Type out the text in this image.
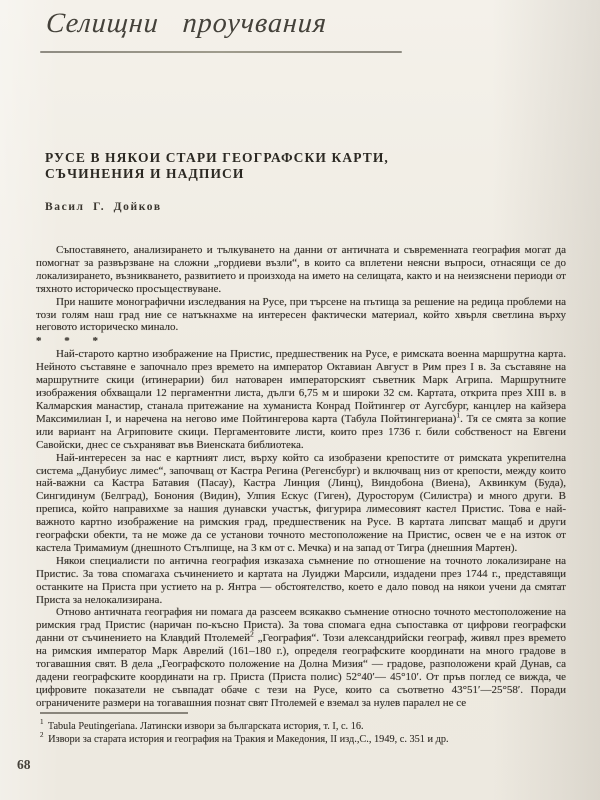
Селищни проучвания
РУСЕ В НЯКОИ СТАРИ ГЕОГРАФСКИ КАРТИ,
СЪЧИНЕНИЯ И НАДПИСИ
Васил Г. Дойков

Съпоставянето, анализирането и тълкуването на данни от античната и съвременната география могат да помогнат за развързване на сложни „гордиеви възли“, в които са вплетени неясни въпроси, отнасящи се до локализирането, възникването, развитието и произхода на името на селищата, както и на неизяснени периоди от тяхното историческо просъществуване.

При нашите монографични изследвания на Русе, при търсене на пътища за решение на редица проблеми на този голям наш град ние се натъкнахме на интересен фактически материал, който хвърля светлина върху неговото историческо минало.

* * *

Най-старото картно изображение на Пристис, предшественик на Русе, е римската военна маршрутна карта. Нейното съставяне е започнало през времето на император Октавиан Август в Рим през I в. За съставяне на маршрутните скици (итинерарии) бил натоварен императорският съветник Марк Агрипа. Маршрутните изображения обхващали 12 пергаментни листа, дълги 6,75 м и широки 32 см. Картата, открита през XIII в. в Калмарския манастир, станала притежание на хуманиста Конрад Пойтингер от Аугсбург, канцлер на кайзера Максимилиан I, и наречена на негово име Пойтингерова карта (Табула Пойтингериана)$^1$. Тя се смята за копие или вариант на Агриповите скици. Пергаментовите листи, които през 1736 г. били собственост на Евгени Савойски, днес се съхраняват във Виенската библиотека.

Най-интересен за нас е картният лист, върху който са изобразени крепостите от римската укрепителна система „Данубиус лимес“, започващ от Кастра Регина (Регенсбург) и включващ низ от крепости, между които най-важни са Кастра Батавия (Пасау), Кастра Линция (Линц), Виндобона (Виена), Аквинкум (Буда), Сингидинум (Белград), Бонония (Видин), Улпия Ескус (Гиген), Дуросторум (Силистра) и много други. В преписа, който направихме за нашия дунавски участък, фигурира лимесовият кастел Пристис. Това е най-важното картно изображение на римския град, предшественик на Русе. В картата липсват мащаб и други географски обекти, та не може да се установи точното местоположение на Пристис, освен че е на изток от кастела Тримамиум (днешното Стълпище, на 3 км от с. Мечка) и на запад от Тигра (днешния Мартен).

Някои специалисти по антична география изказаха съмнение по отношение на точното локализиране на Пристис. За това спомагаха съчинението и картата на Луиджи Марсили, издадени през 1744 г., представящи останките на Приста при устието на р. Янтра — обстоятелство, което е дало повод на някои учени да смятат Приста за нелокализирана.

Отново античната география ни помага да разсеем всякакво съмнение относно точното местоположение на римския град Пристис (наричан по-късно Приста). За това спомага една съпоставка от цифрови географски данни от съчинението на Клавдий Птолемей$^2$ „География“. Този александрийски географ, живял през времето на римския император Марк Аврелий (161–180 г.), определя географските координати на много градове в тогавашния свят. В дела „Географското положение на Долна Мизия“ — градове, разположени край Дунав, са дадени географските координати на гр. Приста (Приста полис) 52°40′— 45°10′. От пръв поглед се вижда, че цифровите показатели не съвпадат обаче с тези на Русе, които са съответно 43°51′—25°58′. Поради ограничените размери на тогавашния познат свят Птолемей е вземал за нулев паралел не се

$^1$ Tabula Peutingeriana. Латински извори за българската история, т. I, с. 16.
$^2$ Извори за старата история и география на Тракия и Македония, II изд.,С., 1949, с. 351 и др.
68
